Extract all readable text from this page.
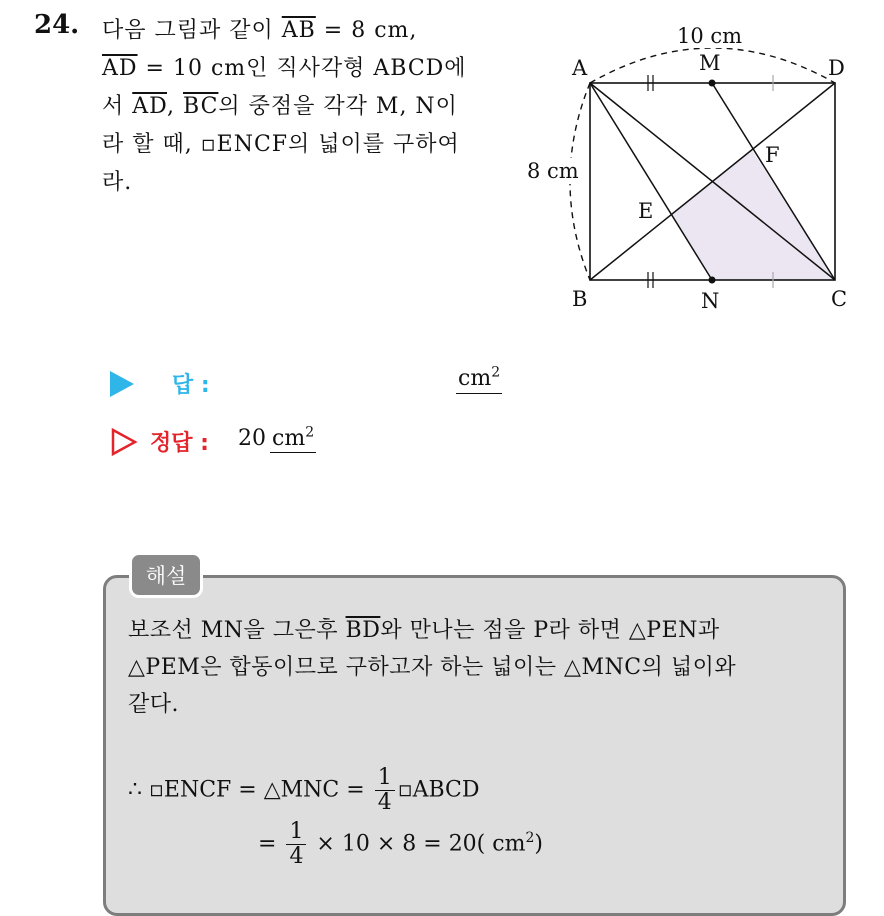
24. 다음 그림과 같이 $\overline{AB} = 8$ cm,
$\overline{AD} = 10$ cm인 직사각형 ABCD에
서 $\overline{AD}$, $\overline{BC}$의 중점을 각각 M, N이
라 할 때, ▫ENCF의 넓이를 구하여
라.
10 cm
8 cm
A	M	D
F
E
B	N	C
답 :	$cm^2$
정답 : 20 $cm^2$
해설
보조선 MN을 그은후 $\overline{BD}$와 만나는 점을 P라 하면 △PEN과
△PEM은 합동이므로 구하고자 하는 넓이는 △MNC의 넓이와
같다.
∴ ▫ENCF = △MNC = $\frac{1}{4}$ ▫ABCD
= $\frac{1}{4} \times 10 \times 8 = 20$( $cm^2$)
